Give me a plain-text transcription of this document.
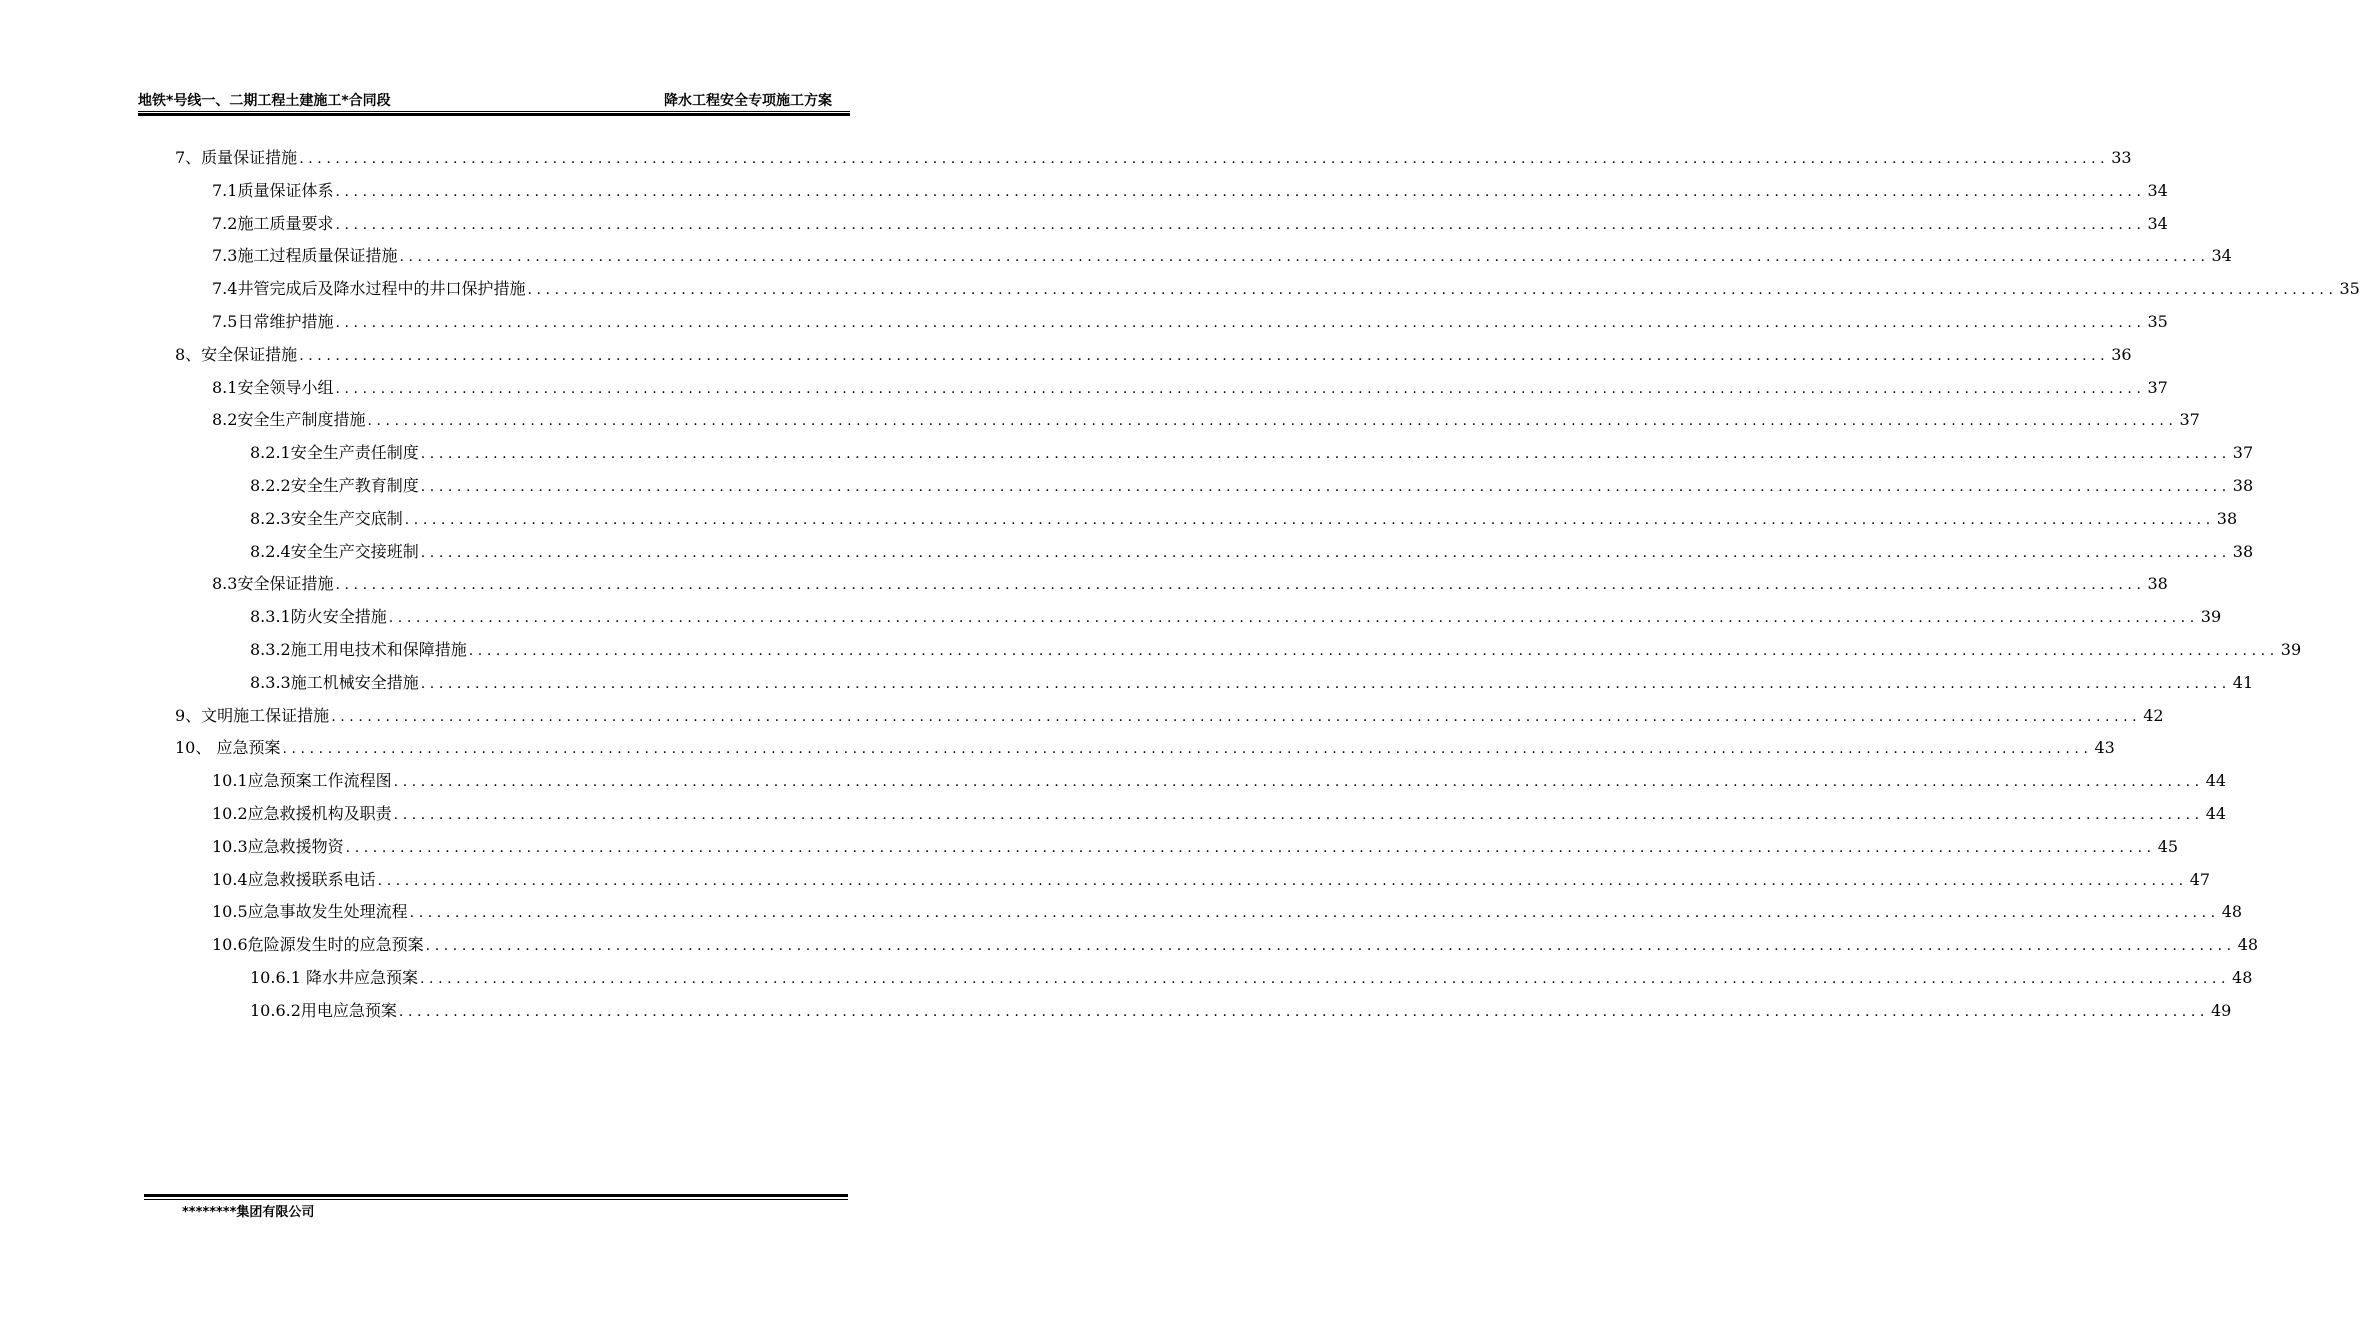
地铁*号线一、二期工程土建施工*合同段	降水工程安全专项施工方案
7、质量保证措施 ........................................................................................................................................................................................................ 33
7.1质量保证体系 ........................................................................................................................................................................................................ 34
7.2施工质量要求 ........................................................................................................................................................................................................ 34
7.3施工过程质量保证措施 ........................................................................................................................................................................................................ 34
7.4井管完成后及降水过程中的井口保护措施 ........................................................................................................................................................................................................ 35
7.5日常维护措施 ........................................................................................................................................................................................................ 35
8、安全保证措施 ........................................................................................................................................................................................................ 36
8.1安全领导小组 ........................................................................................................................................................................................................ 37
8.2安全生产制度措施 ........................................................................................................................................................................................................ 37
8.2.1安全生产责任制度 ........................................................................................................................................................................................................ 37
8.2.2安全生产教育制度 ........................................................................................................................................................................................................ 38
8.2.3安全生产交底制 ........................................................................................................................................................................................................ 38
8.2.4安全生产交接班制 ........................................................................................................................................................................................................ 38
8.3安全保证措施 ........................................................................................................................................................................................................ 38
8.3.1防火安全措施 ........................................................................................................................................................................................................ 39
8.3.2施工用电技术和保障措施 ........................................................................................................................................................................................................ 39
8.3.3施工机械安全措施 ........................................................................................................................................................................................................ 41
9、文明施工保证措施 ........................................................................................................................................................................................................ 42
10、 应急预案 ........................................................................................................................................................................................................ 43
10.1应急预案工作流程图 ........................................................................................................................................................................................................ 44
10.2应急救援机构及职责 ........................................................................................................................................................................................................ 44
10.3应急救援物资 ........................................................................................................................................................................................................ 45
10.4应急救援联系电话 ........................................................................................................................................................................................................ 47
10.5应急事故发生处理流程 ........................................................................................................................................................................................................ 48
10.6危险源发生时的应急预案 ........................................................................................................................................................................................................ 48
10.6.1 降水井应急预案 ........................................................................................................................................................................................................ 48
10.6.2用电应急预案 ........................................................................................................................................................................................................ 49
********集团有限公司
